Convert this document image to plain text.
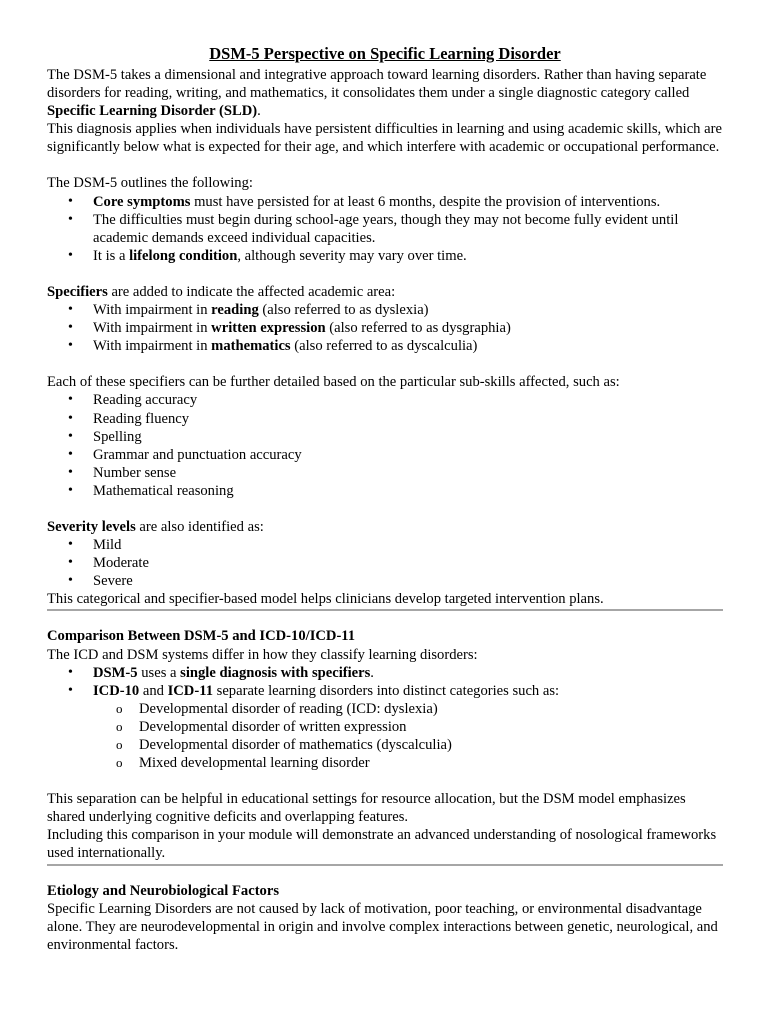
DSM-5 Perspective on Specific Learning Disorder

The DSM-5 takes a dimensional and integrative approach toward learning disorders. Rather than having separate disorders for reading, writing, and mathematics, it consolidates them under a single diagnostic category called Specific Learning Disorder (SLD).

This diagnosis applies when individuals have persistent difficulties in learning and using academic skills, which are significantly below what is expected for their age, and which interfere with academic or occupational performance.

The DSM-5 outlines the following:

• Core symptoms must have persisted for at least 6 months, despite the provision of interventions.
• The difficulties must begin during school-age years, though they may not become fully evident until academic demands exceed individual capacities.
• It is a lifelong condition, although severity may vary over time.

Specifiers are added to indicate the affected academic area:

• With impairment in reading (also referred to as dyslexia)
• With impairment in written expression (also referred to as dysgraphia)
• With impairment in mathematics (also referred to as dyscalculia)

Each of these specifiers can be further detailed based on the particular sub-skills affected, such as:

• Reading accuracy
• Reading fluency
• Spelling
• Grammar and punctuation accuracy
• Number sense
• Mathematical reasoning

Severity levels are also identified as:

• Mild
• Moderate
• Severe

This categorical and specifier-based model helps clinicians develop targeted intervention plans.

Comparison Between DSM-5 and ICD-10/ICD-11

The ICD and DSM systems differ in how they classify learning disorders:

• DSM-5 uses a single diagnosis with specifiers.
• ICD-10 and ICD-11 separate learning disorders into distinct categories such as:
o Developmental disorder of reading (ICD: dyslexia)
o Developmental disorder of written expression
o Developmental disorder of mathematics (dyscalculia)
o Mixed developmental learning disorder

This separation can be helpful in educational settings for resource allocation, but the DSM model emphasizes shared underlying cognitive deficits and overlapping features.

Including this comparison in your module will demonstrate an advanced understanding of nosological frameworks used internationally.

Etiology and Neurobiological Factors

Specific Learning Disorders are not caused by lack of motivation, poor teaching, or environmental disadvantage alone. They are neurodevelopmental in origin and involve complex interactions between genetic, neurological, and environmental factors.
